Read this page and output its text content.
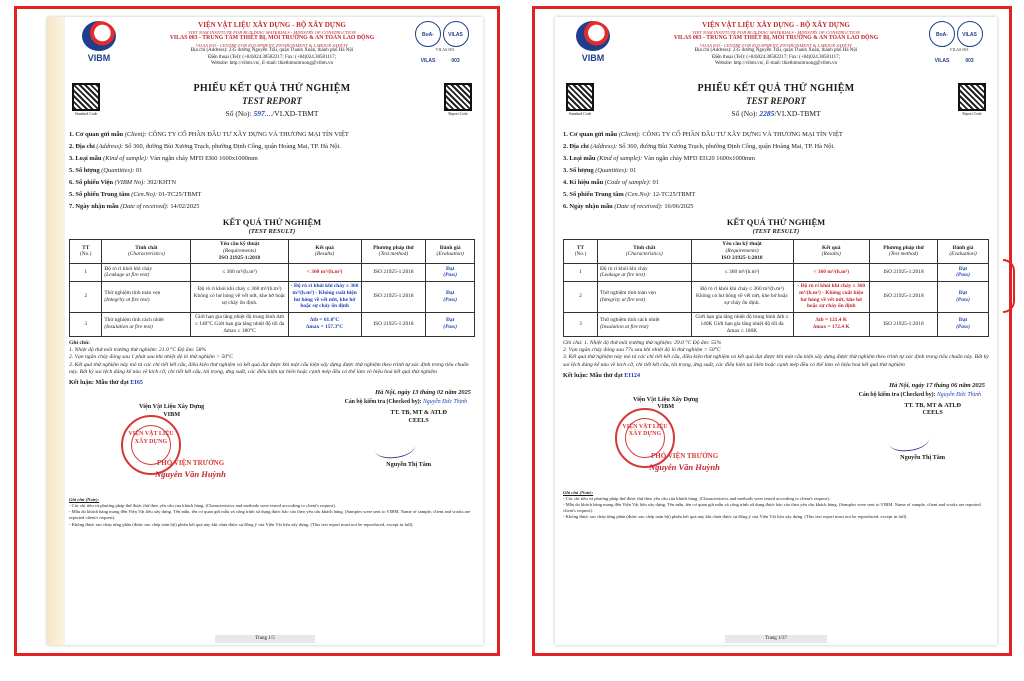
VIBM
VIỆN VẬT LIỆU XÂY DỰNG - BỘ XÂY DỰNG
VIET NAM INSTITUTE FOR BUILDING MATERIALS - MINISTRY OF CONSTRUCTION
VILAS 003 - TRUNG TÂM THIẾT BỊ, MÔI TRƯỜNG & AN TOÀN LAO ĐỘNG
VILAS 003 - CENTRE FOR EQUIPMENT, ENVIRONMENT & LABOUR SAFETY
Địa chỉ (Address): 235 đường Nguyễn Trãi, quận Thanh Xuân, thành phố Hà Nội
Điện thoại (Tel): (+84)024.38582217; Fax: (+84)024.38581117;
Website: http://vibm.vn/, E-mail: thietbimoitruong@vibm.vn
BoA-VILAS VILAS 003
VILAS 003
Standard Code
PHIẾU KẾT QUẢ THỬ NGHIỆM
TEST REPORT
Số (No): 597..../VLXD-TBMT	Report Code
1. Cơ quan gửi mẫu (Client): CÔNG TY CỔ PHẦN ĐẦU TƯ XÂY DỰNG VÀ THƯƠNG MẠI TÍN VIỆT
2. Địa chỉ (Address): Số 360, đường Bùi Xương Trạch, phường Định Công, quận Hoàng Mai, TP. Hà Nội.
3. Loại mẫu (Kind of sample): Vản ngăn cháy MFD EI60 1600x1000mm
5. Số lượng (Quantities): 01
6. Số phiếu Viện (VIBM No): 392/KHTN
5. Số phiếu Trung tâm (Cen.No): 01-TC25/TBMT
7. Ngày nhận mẫu (Date of received): 14/02/2025
KẾT QUẢ THỬ NGHIỆM
(TEST RESULT)
TT
(No.)	Tính chất
(Characteristics)	Yêu cầu kỹ thuật
(Requirements)
ISO 21925-1:2018	Kết quả
(Results)	Phương pháp thử
(Test method)	Đánh giá
(Evaluation)
1	Độ rò rỉ khói khi cháy
(Leakage at fire test)	≤ 360 m³/(h.m²)	< 360 m³/(h.m²)	ISO 21925-1:2018	Đạt
(Pass)
2	Thử nghiệm tính toàn vẹn
(Integrity at fire test)	Độ rò rỉ khói khi cháy ≤ 360 m³/(h.m²) Không có hư hỏng về vết nứt, khe hở hoặc sự cháy ổn định.	- Độ rò rỉ khói khi cháy ≤ 360 m³/(h.m²) - Không cuất hiện hư hỏng về vết nứt, khe hở hoặc sự cháy ổn định	ISO 21925-1:2018	Đạt
(Pass)
3	Thử nghiệm tính cách nhiệt
(Insulation at fire test)	Giới hạn gia tăng nhiệt độ trung bình Δtb ≤ 140°C Giới hạn gia tăng nhiệt độ tối đa Δmax ≤ 180°C	Δtb = 61.0°C
Δmax = 157.3°C	ISO 21925-1:2018	Đạt
(Pass)
Ghi chú:
1. Nhiệt độ thử môi trường thử nghiệm: 21.0 °C Độ ẩm: 58%
2. Vạn ngăn cháy đóng sau 1 phút sau khi nhiệt độ lò thử nghiệm > 50°C
3. Kết quả thử nghiệm này mô tả các chỉ tiết kết cấu, điều kiện thử nghiệm và kết quả đạt được khi một cấu kiện xây dựng được thử nghiệm theo trình tự xác định trong tiêu chuẩn này. Bất kỳ sai lệch đáng kể nào về kích cỡ, chi tiết kết cấu, tải trọng, ứng suất, các điều kiện tại biên hoặc cạnh mép đều có thể làm vô hiệu hoá kết quả thử nghiệm
Kết luận: Mẫu thử đạt EI65
Hà Nội, ngày 13 tháng 02 năm 2025
Cán bộ kiểm tra (Checked by): Nguyễn Đức Thịnh
Viện Vật Liệu Xây Dựng
VIBM	TT. TB, MT & ATLĐ
CEELS
VIỆN VẬT LIỆU XÂY DỰNG
PHÓ VIỆN TRƯỞNG
Nguyễn Văn Huỳnh
Nguyễn Thị Tâm
Ghi chú (Note):
- Các chỉ tiêu và phương pháp thử được thử theo yêu cầu của khách hàng. (Characteristics and methods were tested according to client's request).
- Mẫu do khách hàng mang đến Viện Vật liệu xây dựng. Tên mẫu, tên cơ quan gửi mẫu và công trình sử dụng được báo cáo theo yêu cầu khách hàng. (Samples were sent to VIBM. Name of sample, client and works are reported client's request).
- Không được sao chép từng phần (được sao chép toàn bộ) phiếu kết quả này khi chưa được sự đồng ý của Viện Vật liệu xây dựng. (This test report must not be reproduced, except in full).
Trang 1/5
VIBM
VIỆN VẬT LIỆU XÂY DỰNG - BỘ XÂY DỰNG
VIET NAM INSTITUTE FOR BUILDING MATERIALS - MINISTRY OF CONSTRUCTION
VILAS 003 - TRUNG TÂM THIẾT BỊ, MÔI TRƯỜNG & AN TOÀN LAO ĐỘNG
VILAS 003 - CENTRE FOR EQUIPMENT, ENVIRONMENT & LABOUR SAFETY
Địa chỉ (Address): 235 đường Nguyễn Trãi, quận Thanh Xuân, thành phố Hà Nội
Điện thoại (Tel): (+84)024.38582217; Fax: (+84)024.38581117;
Website: http://vibm.vn/, E-mail: thietbimoitruong@vibm.vn
BoA-VILAS VILAS 003
VILAS 003
Standard Code
PHIẾU KẾT QUẢ THỬ NGHIỆM
TEST REPORT
Số (No): 2285/VLXD-TBMT	Report Code
1. Cơ quan gửi mẫu (Client): CÔNG TY CỔ PHẦN ĐẦU TƯ XÂY DỰNG VÀ THƯƠNG MẠI TÍN VIỆT
2. Địa chỉ (Address): Số 360, đường Bùi Xương Trạch, phường Định Công, quận Hoàng Mai, TP. Hà Nội.
3. Loại mẫu (Kind of sample): Vản ngăn cháy MFD EI120 1600x1000mm
3. Số lượng (Quantities): 01
4. Kí hiệu mẫu (Code of sample): 01
5. Số phiếu Trung tâm (Cen.No): 12-TC25/TBMT
6. Ngày nhận mẫu (Date of received): 16/06/2025
KẾT QUẢ THỬ NGHIỆM
(TEST RESULT)
TT
(No.)	Tính chất
(Characteristics)	Yêu cầu kỹ thuật
(Requirements)
ISO 21925-1:2018	Kết quả
(Results)	Phương pháp thử
(Test method)	Đánh giá
(Evaluation)
1	Độ rò rỉ khói khi cháy
(Leakage at fire test)	≤ 360 m³/(h.m²)	< 360 m³/(h.m²)	ISO 21925-1:2018	Đạt
(Pass)
2	Thử nghiệm tính toàn vẹn
(Integrity at fire test)	Độ rò rỉ khói khi cháy ≤ 360 m³/(h.m²) Không có hư hỏng về vết nứt, khe hở hoặc sự cháy ổn định.	- Độ rò rỉ khói khi cháy ≤ 360 m³/(h.m²) - Không cuất hiện hư hỏng về vết nứt, khe hở hoặc sự cháy ổn định	ISO 21925-1:2018	Đạt
(Pass)
3	Thử nghiệm tính cách nhiệt
(Insulation at fire test)	Giới hạn gia tăng nhiệt độ trung bình Δtb ≤ 140K Giới hạn gia tăng nhiệt độ tối đa Δmax ≤ 180K	Δtb = 121.4 K
Δmax = 172.4 K	ISO 21925-1:2018	Đạt
(Pass)
Ghi chú: 1. Nhiệt độ thử môi trường thử nghiệm: 29.0 °C Độ ẩm: 55%
2. Vạn ngăn cháy đóng sau 77s sau khi nhiệt độ lò thử nghiệm > 50°C
3. Kết quả thử nghiệm này mô tả các chỉ tiết kết cấu, điều kiện thử nghiệm và kết quả đạt được khi một cấu kiện xây dựng được thử nghiệm theo trình tự xác định trong tiêu chuẩn này. Bất kỳ sai lệch đáng kể nào về kích cỡ, chi tiết kết cấu, tải trọng, ứng suất, các điều kiện tại biên hoặc cạnh mép đều có thể làm vô hiệu hoá kết quả thử nghiệm
Kết luận: Mẫu thử đạt EI124
Hà Nội, ngày 17 tháng 06 năm 2025
Cán bộ kiểm tra (Checked by): Nguyễn Đức Thịnh
Viện Vật Liệu Xây Dựng
VIBM	TT. TB, MT & ATLĐ
CEELS
VIỆN VẬT LIỆU XÂY DỰNG
PHÓ VIỆN TRƯỞNG
Nguyễn Văn Huỳnh
Nguyễn Thị Tâm
Ghi chú (Note):
- Các chỉ tiêu và phương pháp thử được thử theo yêu cầu của khách hàng. (Characteristics and methods were tested according to client's request).
- Mẫu do khách hàng mang đến Viện Vật liệu xây dựng. Tên mẫu, tên cơ quan gửi mẫu và công trình sử dụng được báo cáo theo yêu cầu khách hàng. (Samples were sent to VIBM. Name of sample, client and works are reported client's request).
- Không được sao chép từng phần (được sao chép toàn bộ) phiếu kết quả này khi chưa được sự đồng ý của Viện Vật liệu xây dựng. (This test report must not be reproduced, except in full).
Trang 1/37
